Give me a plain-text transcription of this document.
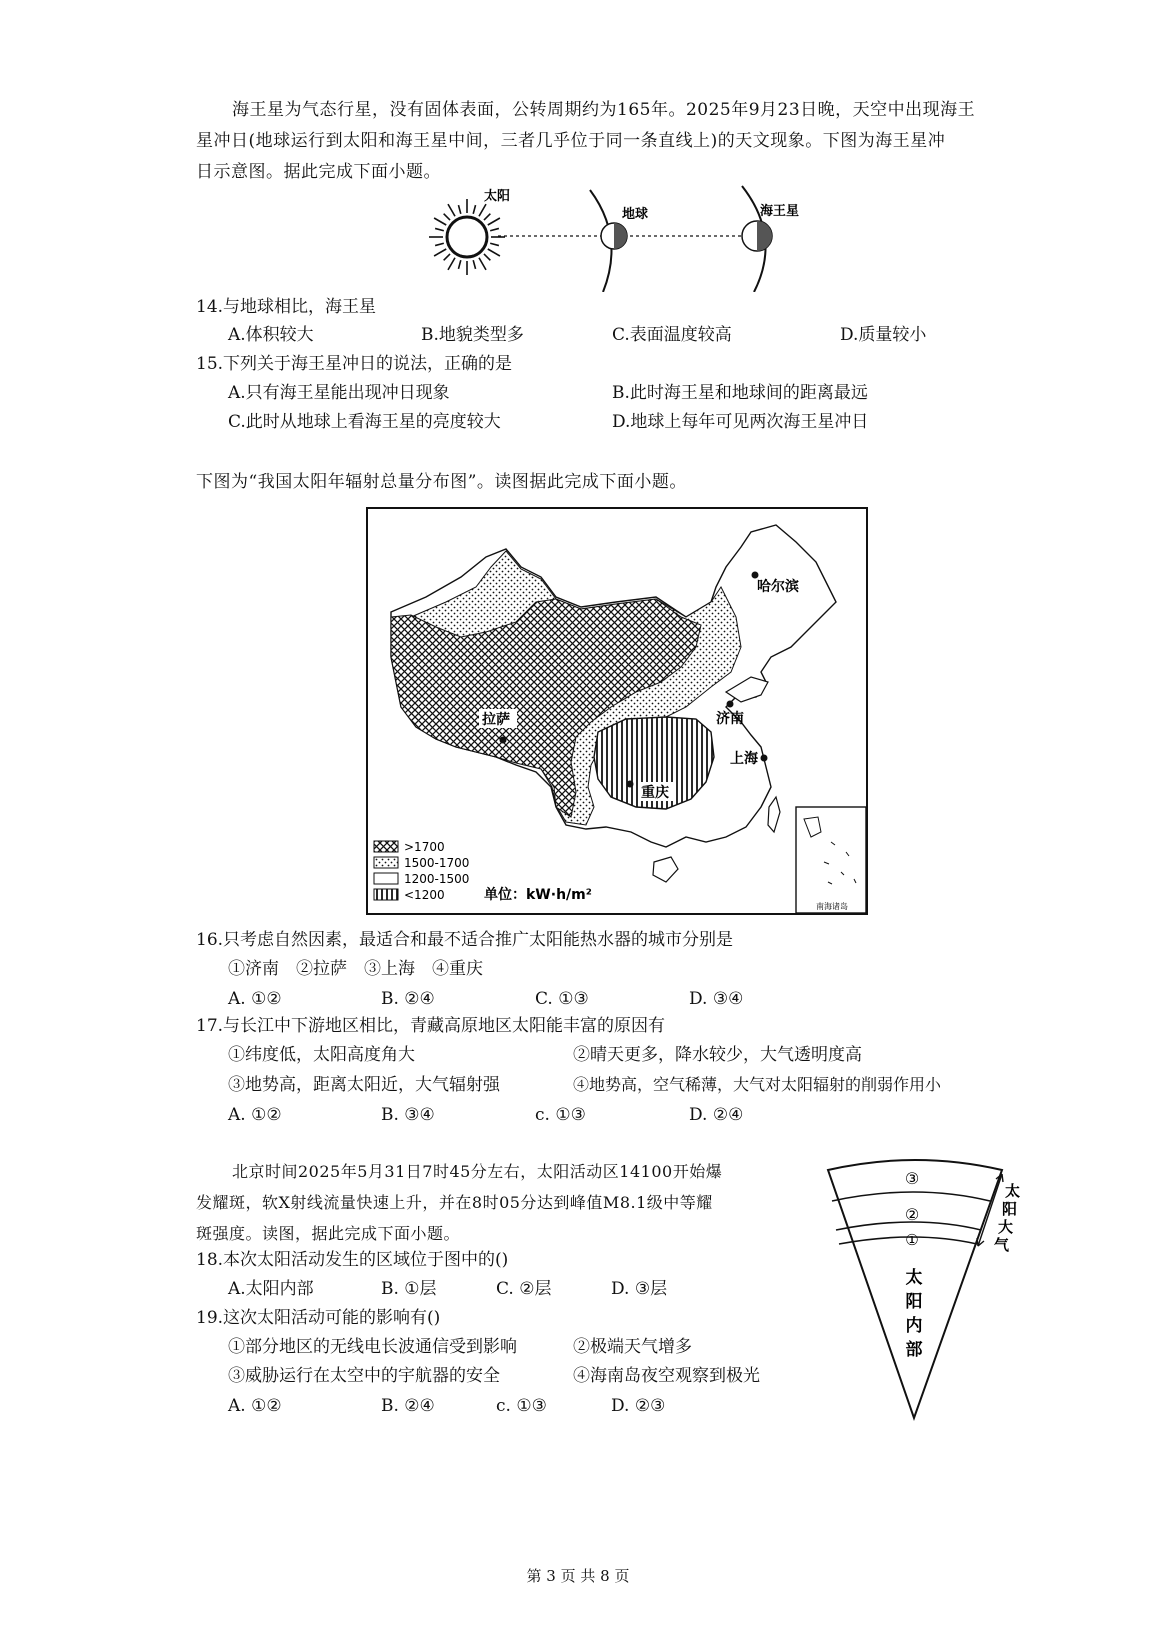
海王星为气态行星，没有固体表面，公转周期约为165年。2025年9月23日晚，天空中出现海王
星冲日(地球运行到太阳和海王星中间，三者几乎位于同一条直线上)的天文现象。下图为海王星冲
日示意图。据此完成下面小题。
太阳
地球	海王星
14.与地球相比，海王星
A.体积较大	B.地貌类型多	C.表面温度较高	D.质量较小
15.下列关于海王星冲日的说法，正确的是
A.只有海王星能出现冲日现象	B.此时海王星和地球间的距离最远
C.此时从地球上看海王星的亮度较大	D.地球上每年可见两次海王星冲日
下图为“我国太阳年辐射总量分布图”。读图据此完成下面小题。
哈尔滨
济南
拉萨
上海
重庆
南海诸岛
>1700
1500-1700
1200-1500
<1200	单位：kW·h/m²
16.只考虑自然因素，最适合和最不适合推广太阳能热水器的城市分别是
①济南　②拉萨　③上海　④重庆
A. ①②	B. ②④	C. ①③	D. ③④
17.与长江中下游地区相比，青藏高原地区太阳能丰富的原因有
①纬度低，太阳高度角大	②晴天更多，降水较少，大气透明度高
③地势高，距离太阳近，大气辐射强	④地势高，空气稀薄，大气对太阳辐射的削弱作用小
A. ①②	B. ③④	c. ①③	D. ②④
北京时间2025年5月31日7时45分左右，太阳活动区14100开始爆
发耀斑，软X射线流量快速上升，并在8时05分达到峰值M8.1级中等耀
斑强度。读图，据此完成下面小题。
18.本次太阳活动发生的区域位于图中的()
A.太阳内部	B. ①层	C. ②层	D. ③层
19.这次太阳活动可能的影响有()
①部分地区的无线电长波通信受到影响	②极端天气增多
③威胁运行在太空中的宇航器的安全	④海南岛夜空观察到极光
A. ①②	B. ②④	c. ①③	D. ②③
③
②
①
太
阳
大
气
太
阳
内
部
第 3 页 共 8 页
